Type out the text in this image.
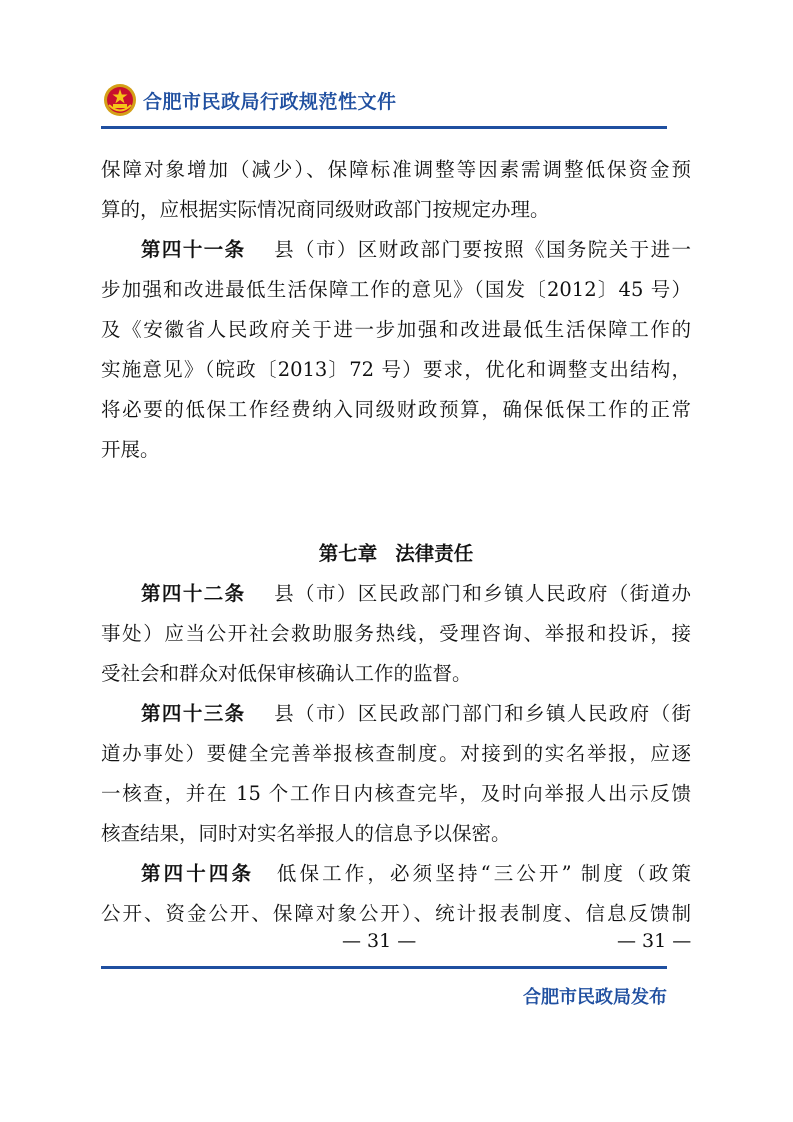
合肥市民政局行政规范性文件
保障对象增加（减少）、保障标准调整等因素需调整低保资金预
算的，应根据实际情况商同级财政部门按规定办理。
第四十一条　 县（市）区财政部门要按照《国务院关于进一
步加强和改进最低生活保障工作的意见》（国发〔2012〕45 号）
及《安徽省人民政府关于进一步加强和改进最低生活保障工作的
实施意见》（皖政〔2013〕72 号）要求，优化和调整支出结构，
将必要的低保工作经费纳入同级财政预算，确保低保工作的正常
开展。
第七章 法律责任
第四十二条　 县（市）区民政部门和乡镇人民政府（街道办
事处）应当公开社会救助服务热线，受理咨询、举报和投诉，接
受社会和群众对低保审核确认工作的监督。
第四十三条　 县（市）区民政部门部门和乡镇人民政府（街
道办事处）要健全完善举报核查制度。对接到的实名举报，应逐
一核查，并在 15 个工作日内核查完毕，及时向举报人出示反馈
核查结果，同时对实名举报人的信息予以保密。
第四十四条　 低保工作，必须坚持“三公开” 制度（政策
公开、资金公开、保障对象公开）、统计报表制度、信息反馈制
— 31 —	— 31 —
合肥市民政局发布
